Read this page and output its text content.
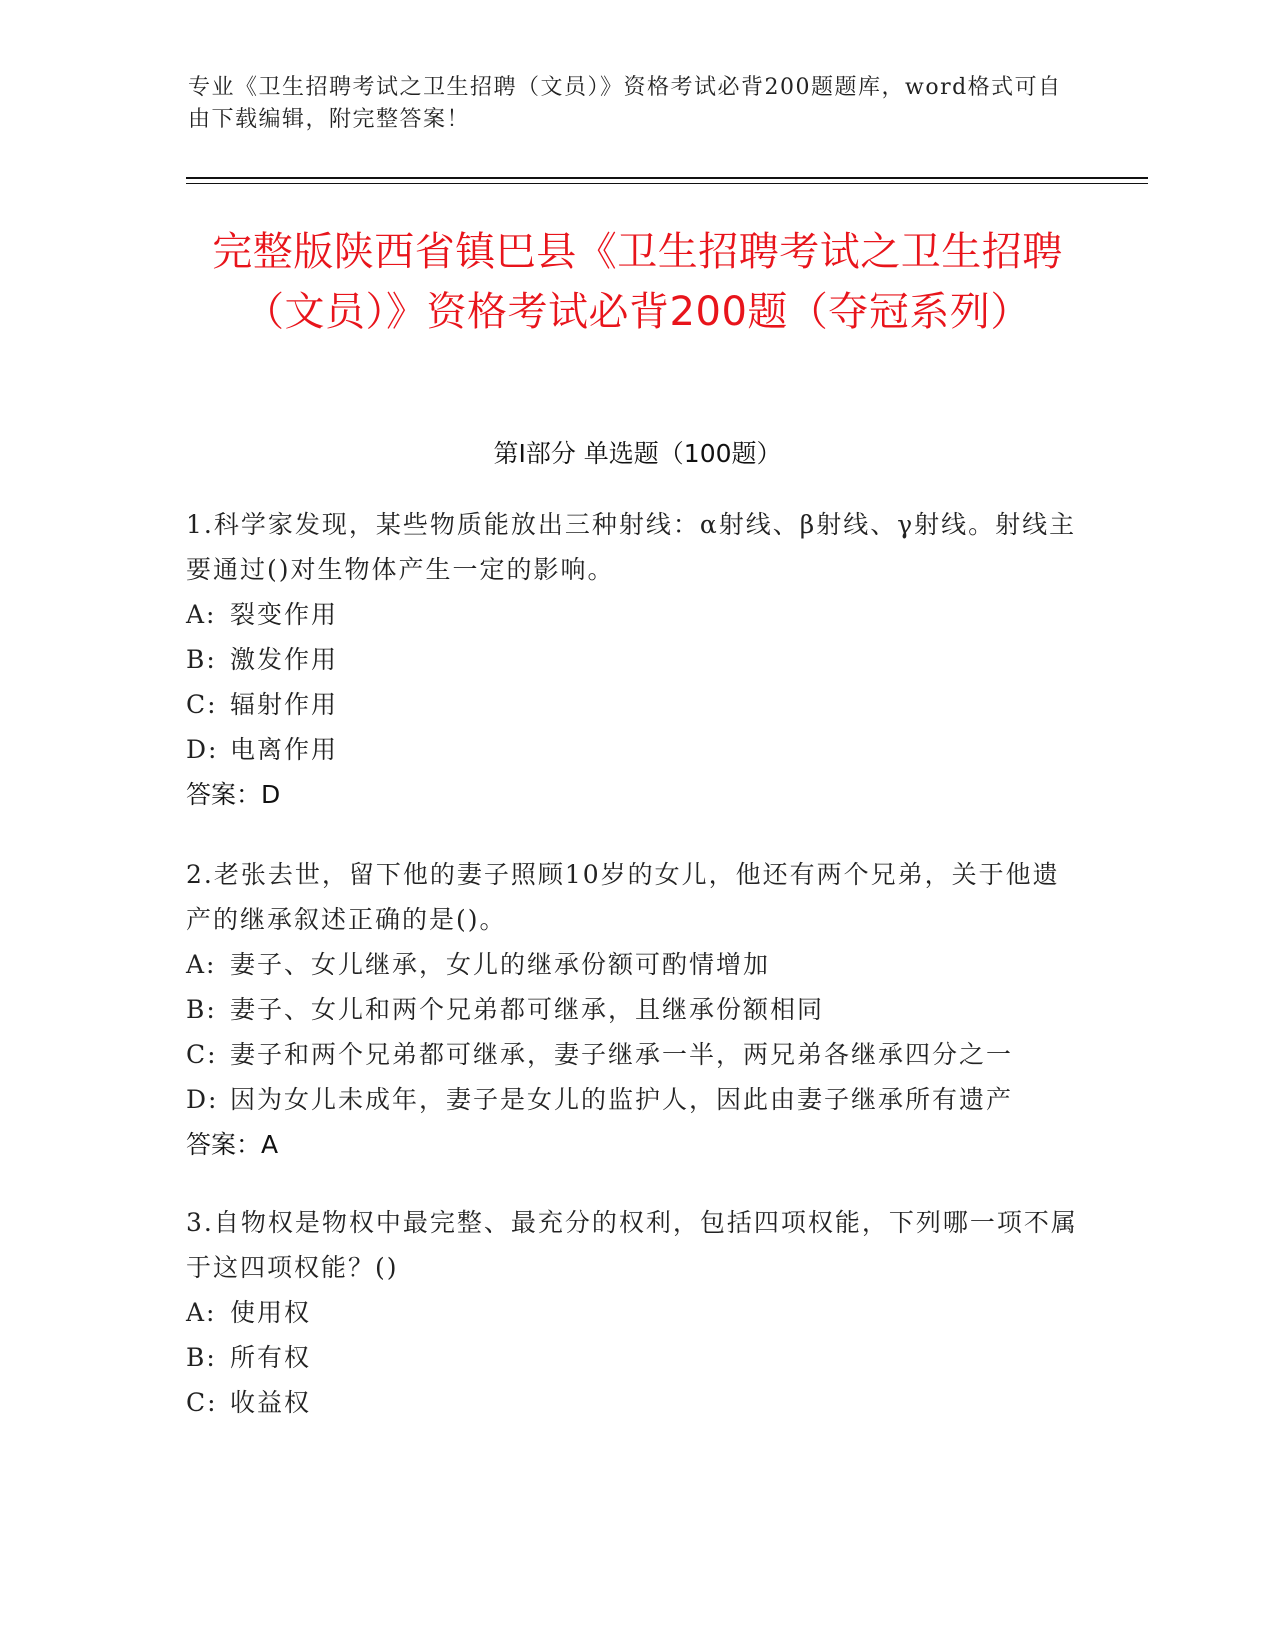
专业《卫生招聘考试之卫生招聘（文员）》资格考试必背200题题库，word格式可自由下载编辑，附完整答案！
完整版陕西省镇巴县《卫生招聘考试之卫生招聘（文员）》资格考试必背200题（夺冠系列）
第I部分 单选题（100题）
1.科学家发现，某些物质能放出三种射线：α射线、β射线、γ射线。射线主要通过()对生物体产生一定的影响。
A: 裂变作用
B: 激发作用
C: 辐射作用
D: 电离作用
答案：D
2.老张去世，留下他的妻子照顾10岁的女儿，他还有两个兄弟，关于他遗产的继承叙述正确的是()。
A: 妻子、女儿继承，女儿的继承份额可酌情增加
B: 妻子、女儿和两个兄弟都可继承，且继承份额相同
C: 妻子和两个兄弟都可继承，妻子继承一半，两兄弟各继承四分之一
D: 因为女儿未成年，妻子是女儿的监护人，因此由妻子继承所有遗产
答案：A
3.自物权是物权中最完整、最充分的权利，包括四项权能，下列哪一项不属于这四项权能？()
A: 使用权
B: 所有权
C: 收益权
